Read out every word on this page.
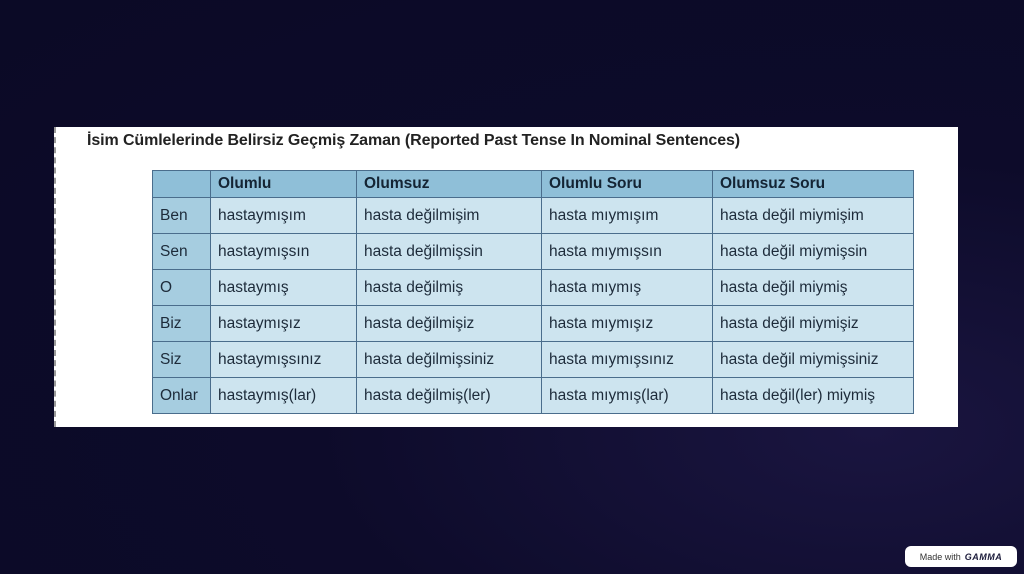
İsim Cümlelerinde Belirsiz Geçmiş Zaman (Reported Past Tense In Nominal Sentences)
	Olumlu	Olumsuz	Olumlu Soru	Olumsuz Soru
Ben	hastaymışım	hasta değilmişim	hasta mıymışım	hasta değil miymişim
Sen	hastaymışsın	hasta değilmişsin	hasta mıymışsın	hasta değil miymişsin
O	hastaymış	hasta değilmiş	hasta mıymış	hasta değil miymiş
Biz	hastaymışız	hasta değilmişiz	hasta mıymışız	hasta değil miymişiz
Siz	hastaymışsınız	hasta değilmişsiniz	hasta mıymışsınız	hasta değil miymişsiniz
Onlar	hastaymış(lar)	hasta değilmiş(ler)	hasta mıymış(lar)	hasta değil(ler) miymiş
Made with GAMMA
